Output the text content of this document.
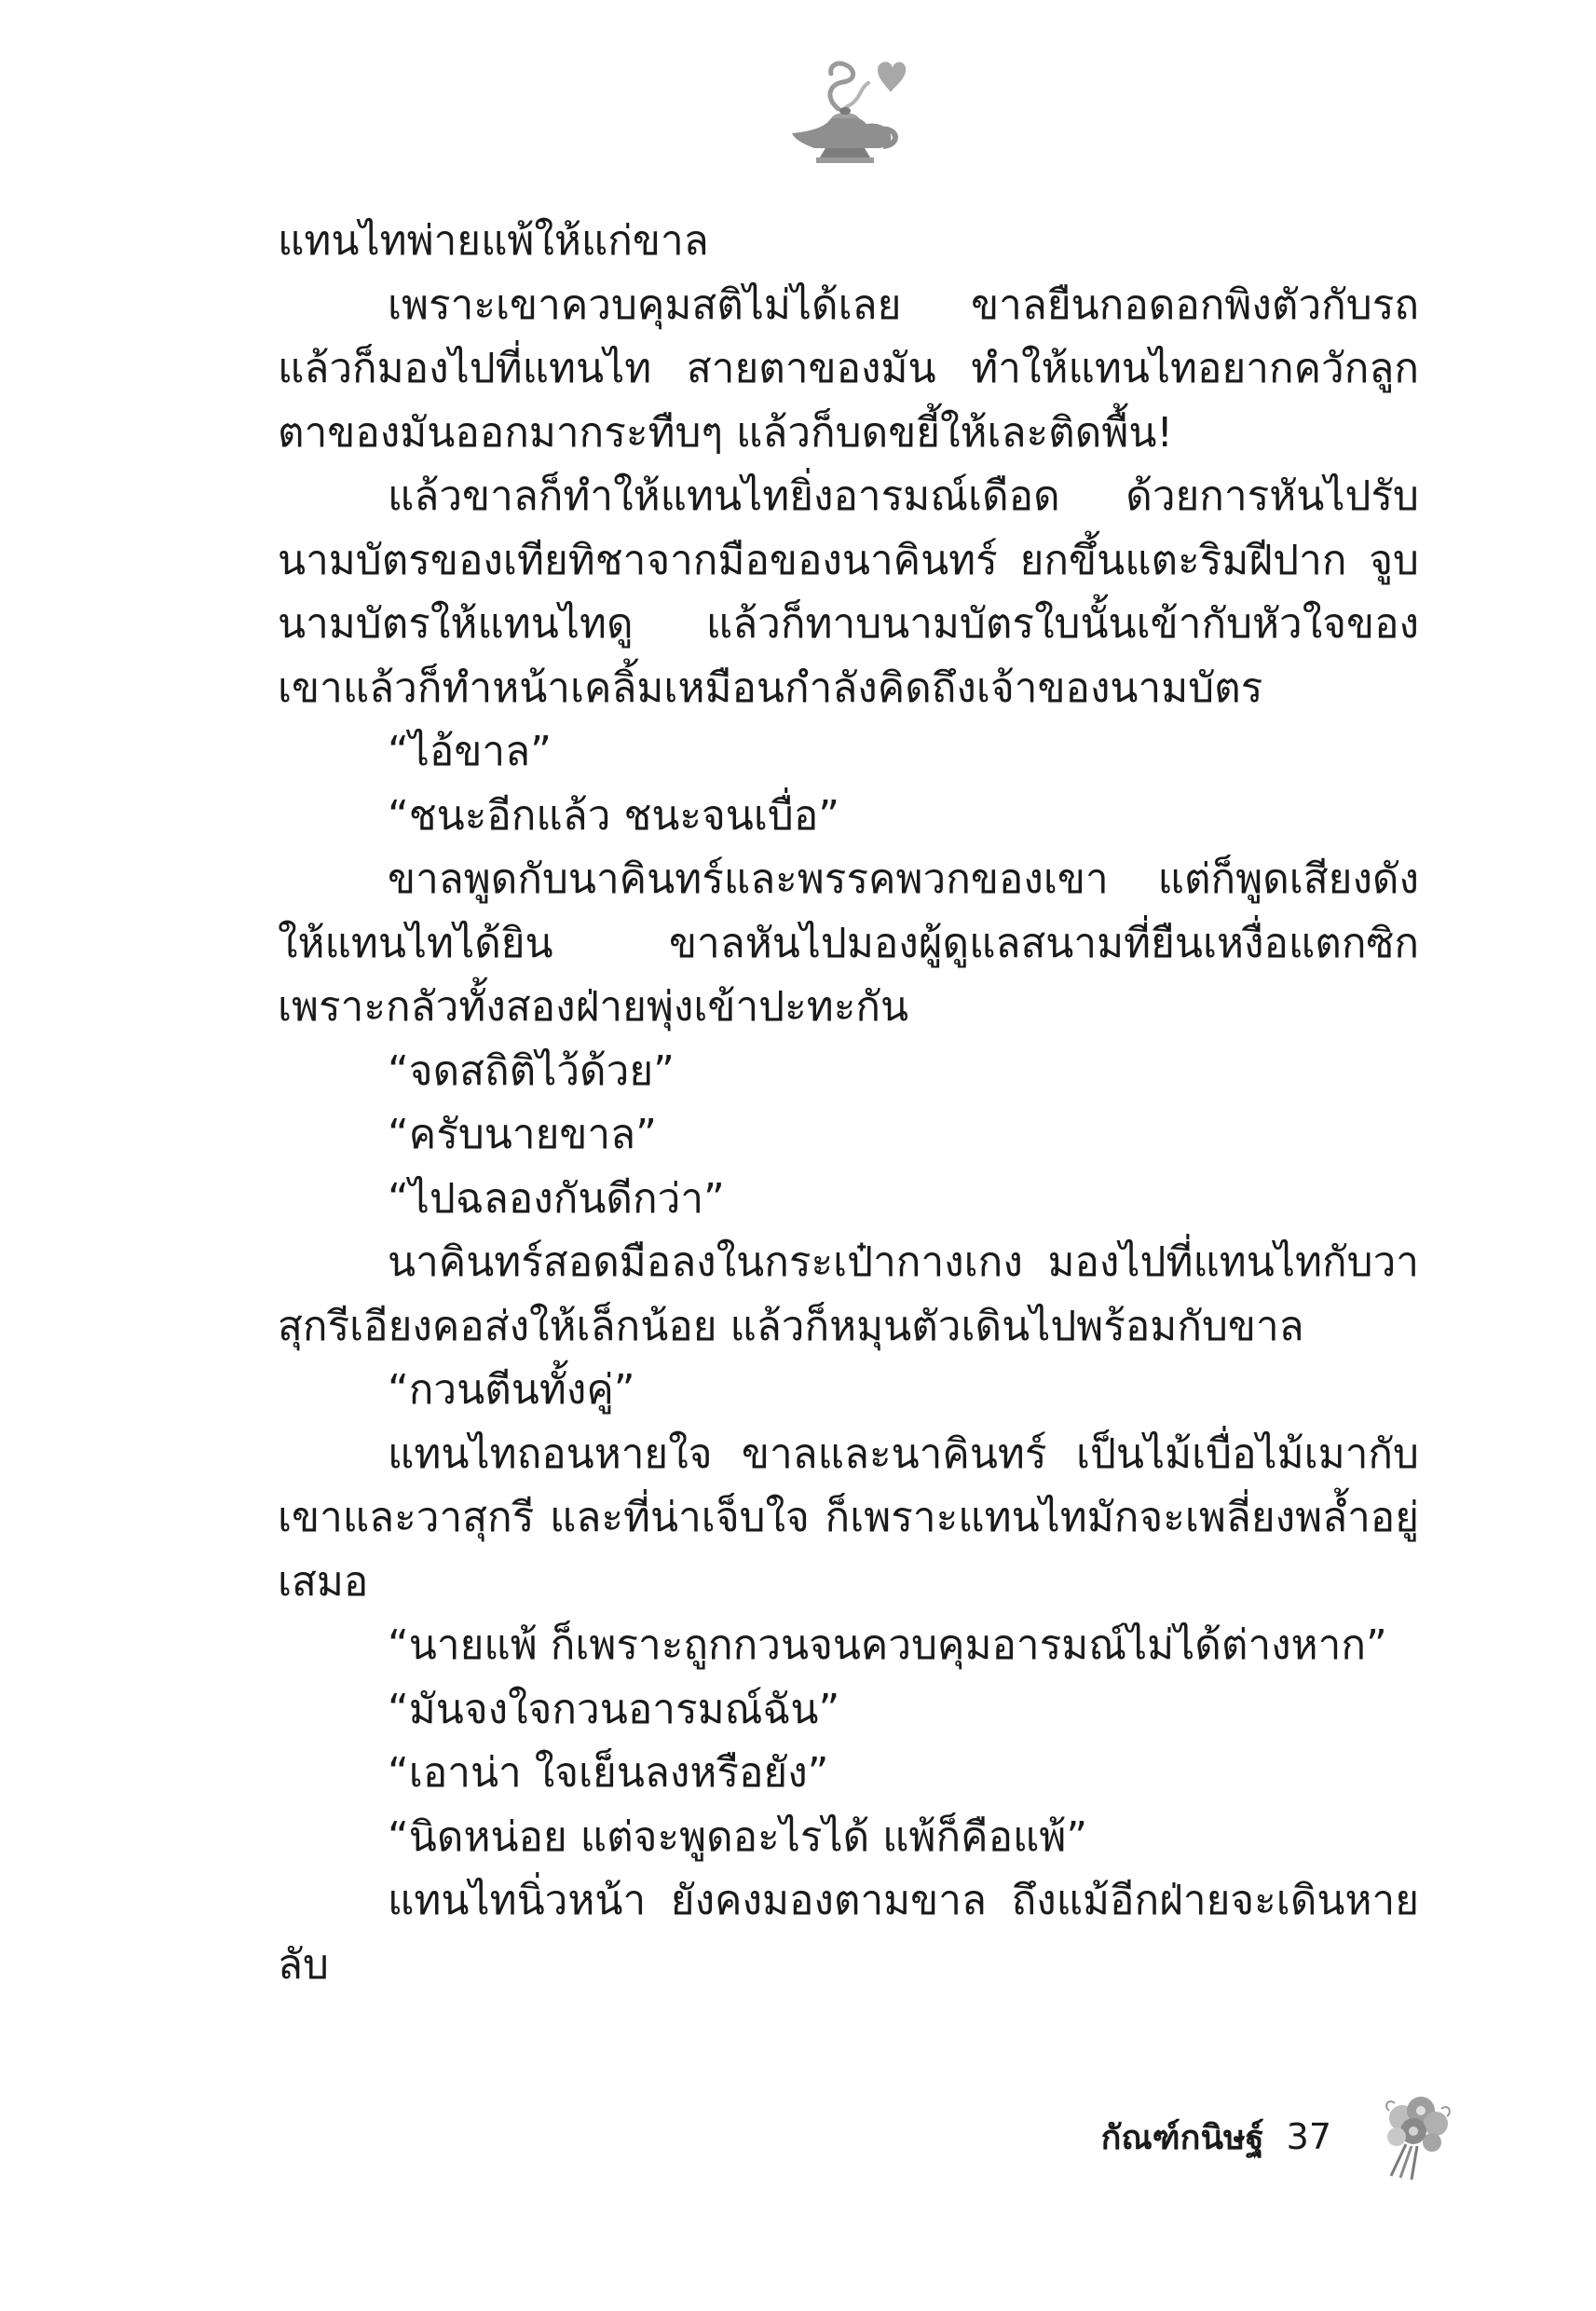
แทนไทพ่ายแพ้ให้แก่ขาล

เพราะเขาควบคุมสติไม่ได้เลย ขาลยืนกอดอกพิงตัวกับรถ แล้วก็มองไปที่แทนไท สายตาของมัน ทำให้แทนไทอยากควักลูกตาของมันออกมากระทืบๆ แล้วก็บดขยี้ให้เละติดพื้น!

แล้วขาลก็ทำให้แทนไทยิ่งอารมณ์เดือด ด้วยการหันไปรับนามบัตรของเทียทิชาจากมือของนาคินทร์ ยกขึ้นแตะริมฝีปาก จูบนามบัตรให้แทนไทดู แล้วก็ทาบนามบัตรใบนั้นเข้ากับหัวใจของเขาแล้วก็ทำหน้าเคลิ้มเหมือนกำลังคิดถึงเจ้าของนามบัตร

“ไอ้ขาล”

“ชนะอีกแล้ว ชนะจนเบื่อ”

ขาลพูดกับนาคินทร์และพรรคพวกของเขา แต่ก็พูดเสียงดังให้แทนไทได้ยิน ขาลหันไปมองผู้ดูแลสนามที่ยืนเหงื่อแตกซิก เพราะกลัวทั้งสองฝ่ายพุ่งเข้าปะทะกัน

“จดสถิติไว้ด้วย”

“ครับนายขาล”

“ไปฉลองกันดีกว่า”

นาคินทร์สอดมือลงในกระเป๋ากางเกง มองไปที่แทนไทกับวาสุกรีเอียงคอส่งให้เล็กน้อย แล้วก็หมุนตัวเดินไปพร้อมกับขาล

“กวนตีนทั้งคู่”

แทนไทถอนหายใจ ขาลและนาคินทร์ เป็นไม้เบื่อไม้เมากับเขาและวาสุกรี และที่น่าเจ็บใจ ก็เพราะแทนไทมักจะเพลี่ยงพล้ำอยู่เสมอ

“นายแพ้ ก็เพราะถูกกวนจนควบคุมอารมณ์ไม่ได้ต่างหาก”

“มันจงใจกวนอารมณ์ฉัน”

“เอาน่า ใจเย็นลงหรือยัง”

“นิดหน่อย แต่จะพูดอะไรได้ แพ้ก็คือแพ้”

แทนไทนิ่วหน้า ยังคงมองตามขาล ถึงแม้อีกฝ่ายจะเดินหายลับ

กัณฑ์กนิษฐ์ 37
